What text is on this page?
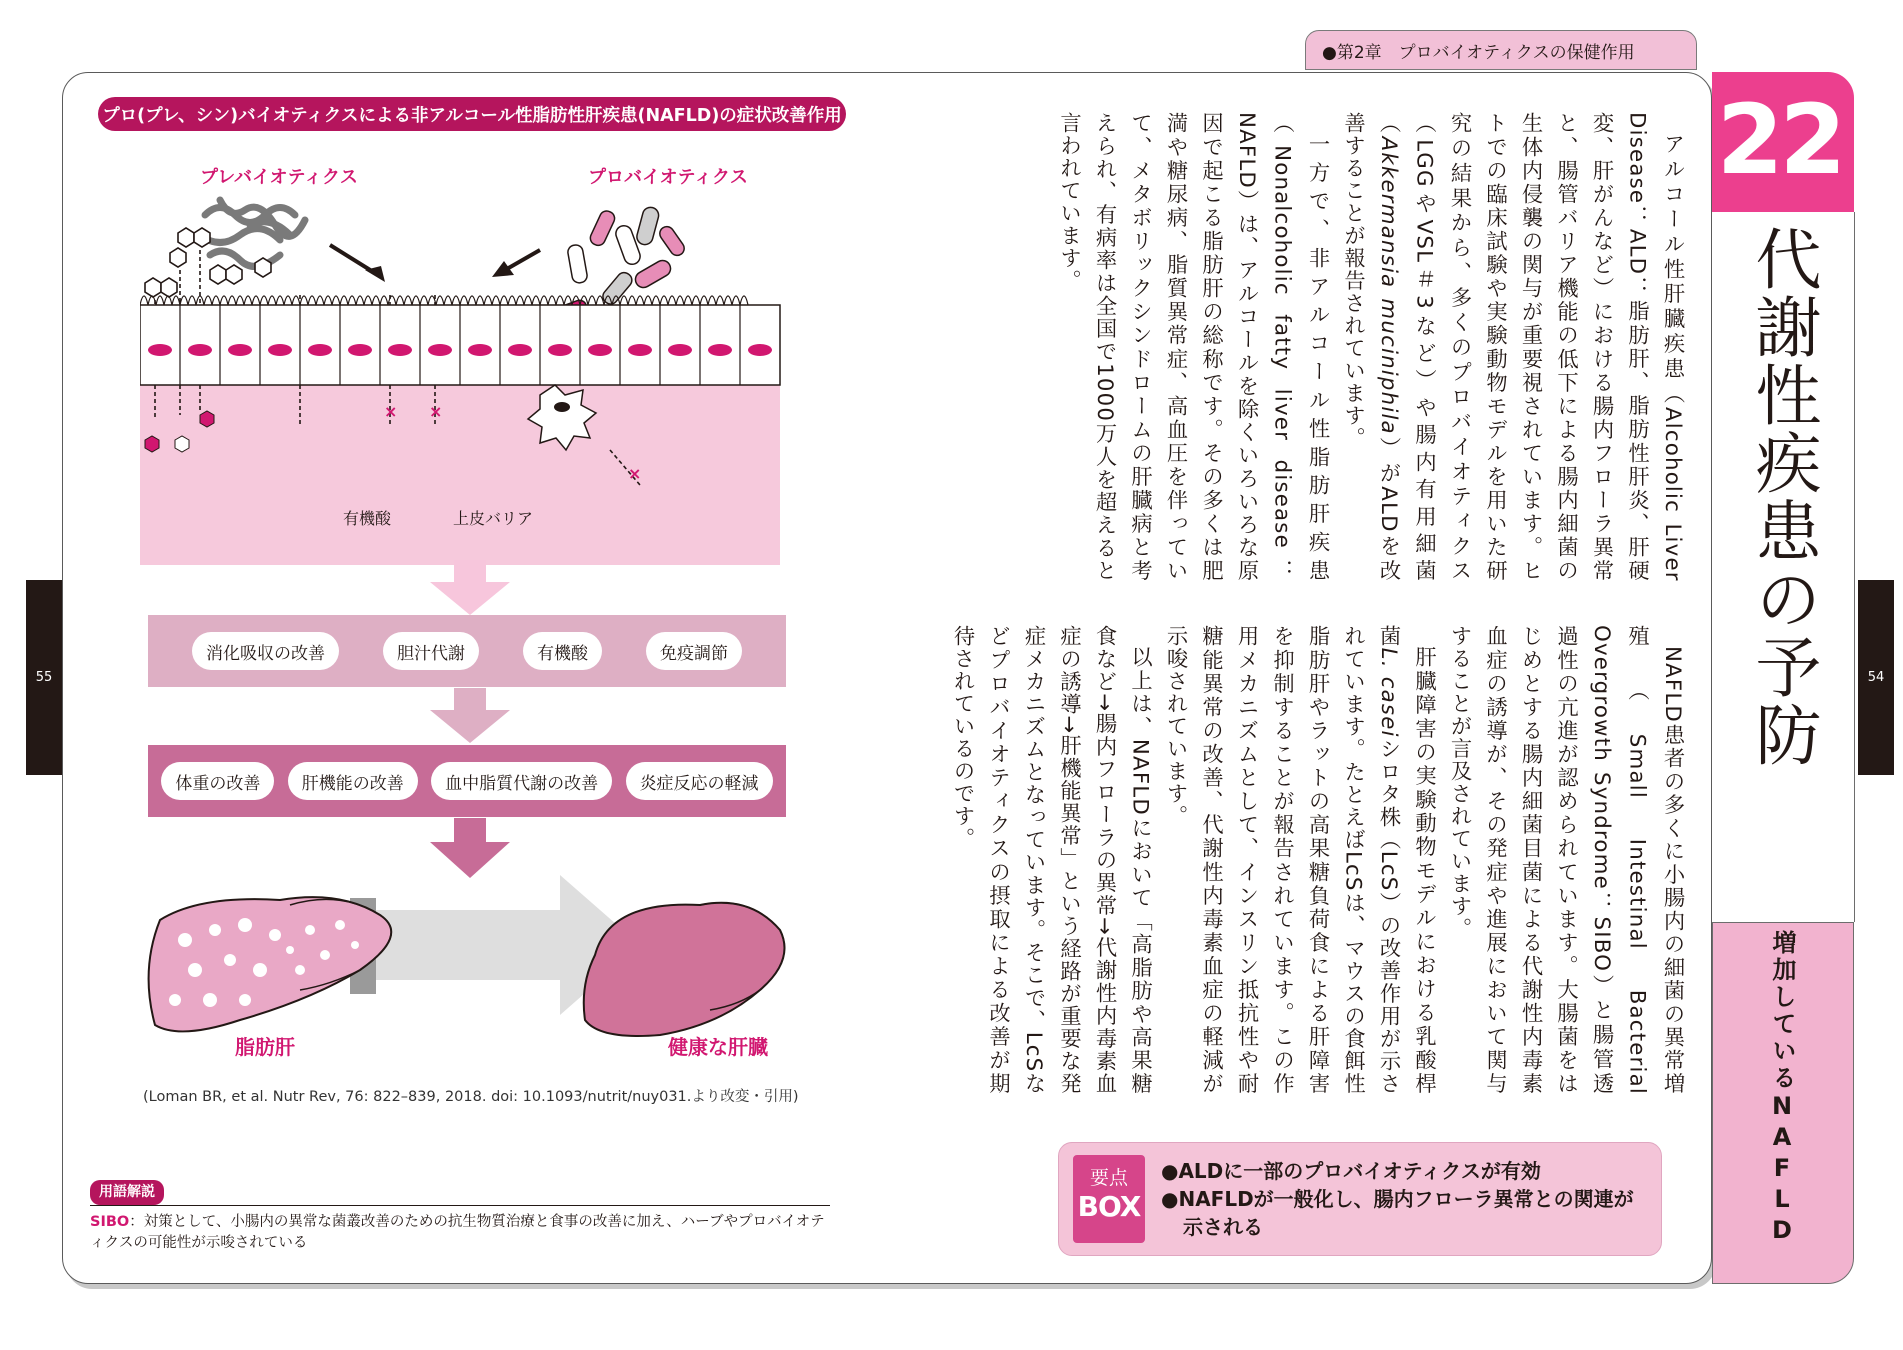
55	54
●第2章　プロバイオティクスの保健作用
22
代謝性疾患の予防
増加しているNAFLD

アルコール性肝臓疾患（Alcoholic Liver Disease：ALD：脂肪肝、脂肪性肝炎、肝硬変、肝がんなど）における腸内フローラ異常と、腸管バリア機能の低下による腸内細菌の生体内侵襲の関与が重要視されています。ヒトでの臨床試験や実験動物モデルを用いた研究の結果から、多くのプロバイオティクス（LGGやVSL＃3など）や腸内有用細菌（Akkermansia muciniphila）がALDを改善することが報告されています。

一方で、非アルコール性脂肪肝疾患（Nonalcoholic fatty liver disease：NAFLD）は、アルコールを除くいろいろな原因で起こる脂肪肝の総称です。その多くは肥満や糖尿病、脂質異常症、高血圧を伴っていて、メタボリックシンドロームの肝臓病と考えられ、有病率は全国で1000万人を超えると言われています。

NAFLD患者の多くに小腸内の細菌の異常増殖（Small Intestinal Bacterial Overgrowth Syndrome：SIBO）と腸管透過性の亢進が認められています。大腸菌をはじめとする腸内細菌目菌による代謝性内毒素血症の誘導が、その発症や進展において関与することが言及されています。

肝臓障害の実験動物モデルにおける乳酸桿菌L. caseiシロタ株（LcS）の改善作用が示されています。たとえばLcSは、マウスの食餌性脂肪肝やラットの高果糖負荷食による肝障害を抑制することが報告されています。この作用メカニズムとして、インスリン抵抗性や耐糖能異常の改善、代謝性内毒素血症の軽減が示唆されています。

以上は、NAFLDにおいて「高脂肪や高果糖食など→腸内フローラの異常→代謝性内毒素血症の誘導→肝機能異常」という経路が重要な発症メカニズムとなっています。そこで、LcSなどプロバイオティクスの摂取による改善が期待されているのです。

要点
BOX
●ALDに一部のプロバイオティクスが有効
●NAFLDが一般化し、腸内フローラ異常との関連が示される
プロ(プレ、シン)バイオティクスによる非アルコール性脂肪性肝疾患(NAFLD)の症状改善作用
プレバイオティクス	プロバイオティクス
× ×
×
有機酸	上皮バリア
消化吸収の改善	胆汁代謝	有機酸	免疫調節
体重の改善	肝機能の改善	血中脂質代謝の改善	炎症反応の軽減
脂肪肝	健康な肝臓
(Loman BR, et al. Nutr Rev, 76: 822–839, 2018. doi: 10.1093/nutrit/nuy031.より改変・引用)
用語解説
SIBO：対策として、小腸内の異常な菌叢改善のための抗生物質治療と食事の改善に加え、ハーブやプロバイオティクスの可能性が示唆されている
